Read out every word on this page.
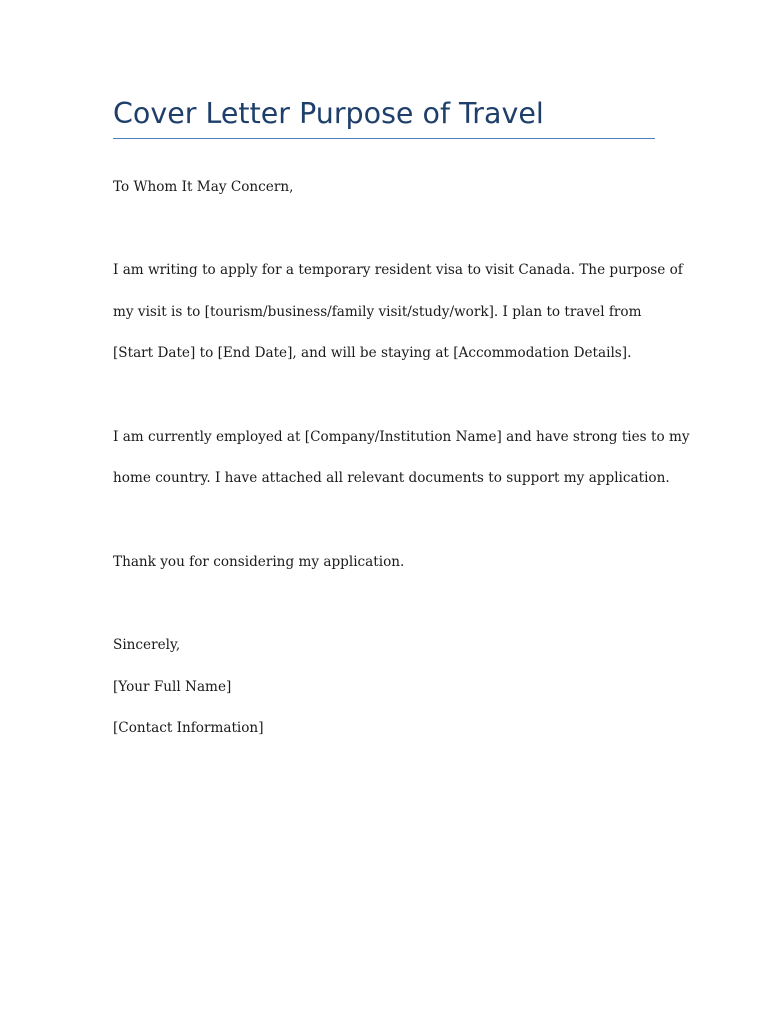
Cover Letter Purpose of Travel

To Whom It May Concern,

I am writing to apply for a temporary resident visa to visit Canada. The purpose of

my visit is to [tourism/business/family visit/study/work]. I plan to travel from

[Start Date] to [End Date], and will be staying at [Accommodation Details].

I am currently employed at [Company/Institution Name] and have strong ties to my

home country. I have attached all relevant documents to support my application.

Thank you for considering my application.

Sincerely,

[Your Full Name]

[Contact Information]
